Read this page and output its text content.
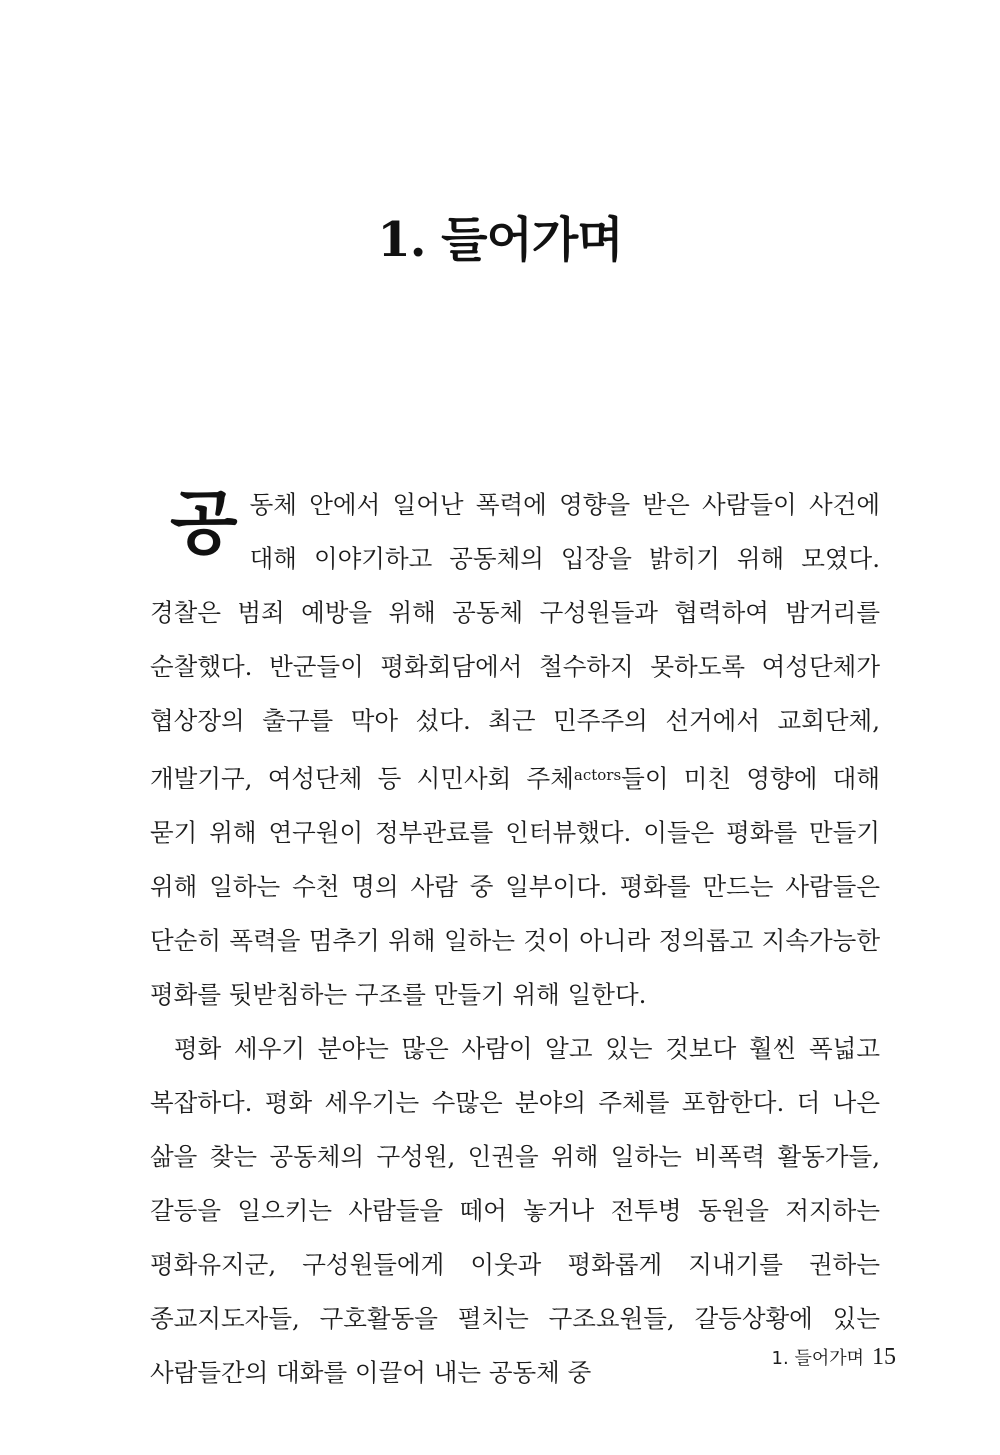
1. 들어가며

공동체 안에서 일어난 폭력에 영향을 받은 사람들이 사건에 대해 이야기하고 공동체의 입장을 밝히기 위해 모였다. 경찰은 범죄 예방을 위해 공동체 구성원들과 협력하여 밤거리를 순찰했다. 반군들이 평화회담에서 철수하지 못하도록 여성단체가 협상장의 출구를 막아 섰다. 최근 민주주의 선거에서 교회단체, 개발기구, 여성단체 등 시민사회 주체$^{actors}$들이 미친 영향에 대해 묻기 위해 연구원이 정부관료를 인터뷰했다. 이들은 평화를 만들기 위해 일하는 수천 명의 사람 중 일부이다. 평화를 만드는 사람들은 단순히 폭력을 멈추기 위해 일하는 것이 아니라 정의롭고 지속가능한 평화를 뒷받침하는 구조를 만들기 위해 일한다.

평화 세우기 분야는 많은 사람이 알고 있는 것보다 훨씬 폭넓고 복잡하다. 평화 세우기는 수많은 분야의 주체를 포함한다. 더 나은 삶을 찾는 공동체의 구성원, 인권을 위해 일하는 비폭력 활동가들, 갈등을 일으키는 사람들을 떼어 놓거나 전투병 동원을 저지하는 평화유지군, 구성원들에게 이웃과 평화롭게 지내기를 권하는 종교지도자들, 구호활동을 펼치는 구조요원들, 갈등상황에 있는 사람들간의 대화를 이끌어 내는 공동체 중	1. 들어가며 15
